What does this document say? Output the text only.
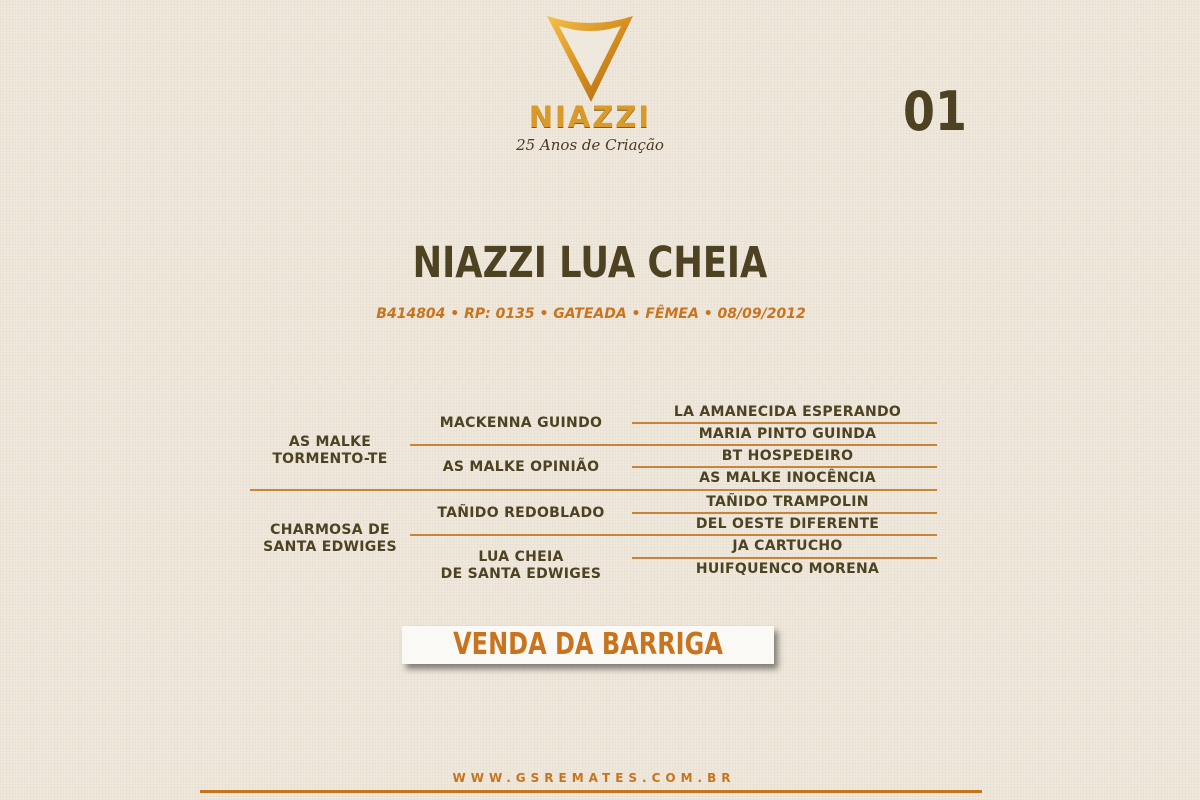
NIAZZI
25 Anos de Criação
01
NIAZZI LUA CHEIA
B414804 • RP: 0135 • GATEADA • FÊMEA • 08/09/2012
AS MALKE
TORMENTO-TE
CHARMOSA DE
SANTA EDWIGES
MACKENNA GUINDO
AS MALKE OPINIÃO
TAÑIDO REDOBLADO
LUA CHEIA
DE SANTA EDWIGES
LA AMANECIDA ESPERANDO
MARIA PINTO GUINDA
BT HOSPEDEIRO
AS MALKE INOCÊNCIA
TAÑIDO TRAMPOLIN
DEL OESTE DIFERENTE
JA CARTUCHO
HUIFQUENCO MORENA
VENDA DA BARRIGA
WWW.GSREMATES.COM.BR
